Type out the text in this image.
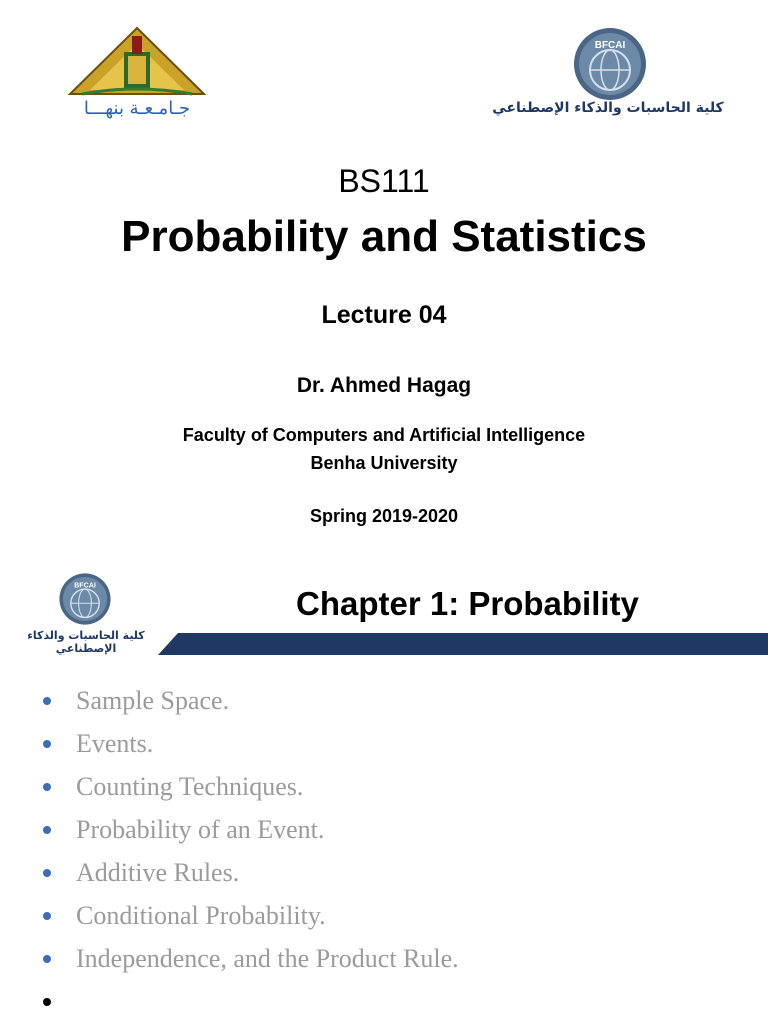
جـامـعـة بنهـــا
BFCAI
كلية الحاسبات والذكاء الإصطناعي
BS111
Probability and Statistics
Lecture 04
Dr. Ahmed Hagag
Faculty of Computers and Artificial Intelligence
Benha University
Spring 2019-2020
BFCAI
كلية الحاسبات والذكاء الإصطناعي
Chapter 1: Probability
Sample Space.
Events.
Counting Techniques.
Probability of an Event.
Additive Rules.
Conditional Probability.
Independence, and the Product Rule.
